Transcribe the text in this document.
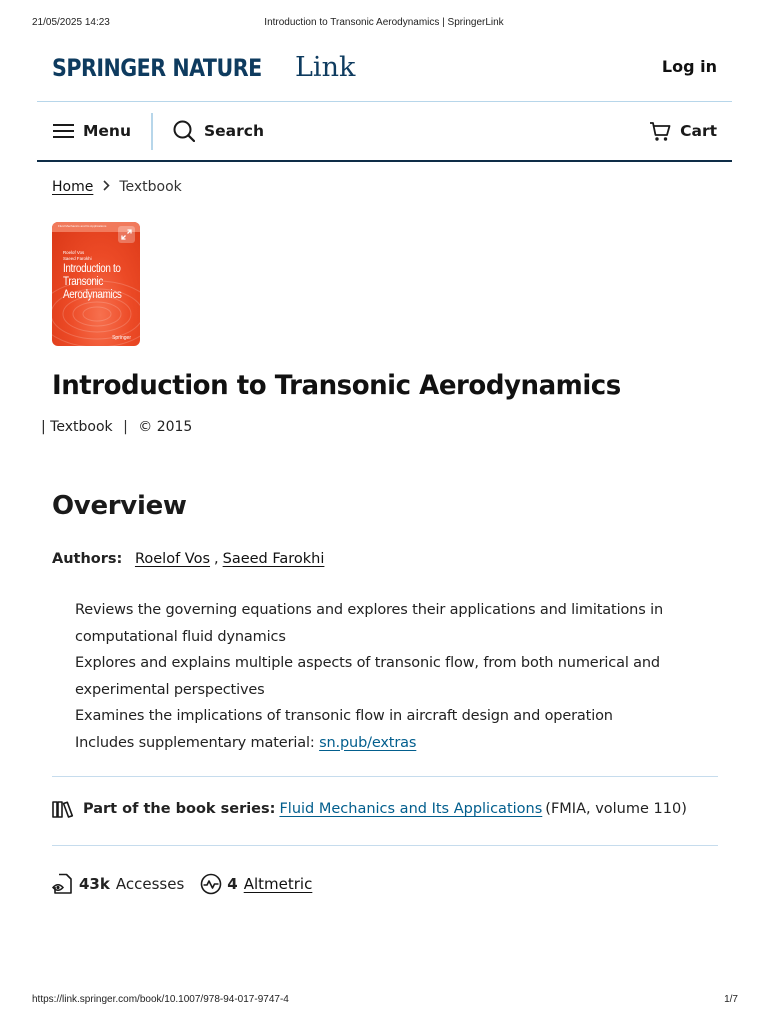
21/05/2025 14:23	Introduction to Transonic Aerodynamics | SpringerLink
SPRINGER NATURE	Link	Log in
Menu	Search	Cart
Home Textbook
Fluid Mechanics and Its Applications
Roelof Vos
Saeed Farokhi
Introduction to Transonic Aerodynamics
Springer
Introduction to Transonic Aerodynamics
| Textbook | © 2015
Overview
Authors: Roelof Vos , Saeed Farokhi
Reviews the governing equations and explores their applications and limitations in computational fluid dynamics
Explores and explains multiple aspects of transonic flow, from both numerical and experimental perspectives
Examines the implications of transonic flow in aircraft design and operation
Includes supplementary material: sn.pub/extras
Part of the book series: Fluid Mechanics and Its Applications (FMIA, volume 110)
43k Accesses	4 Altmetric
https://link.springer.com/book/10.1007/978-94-017-9747-4	1/7
